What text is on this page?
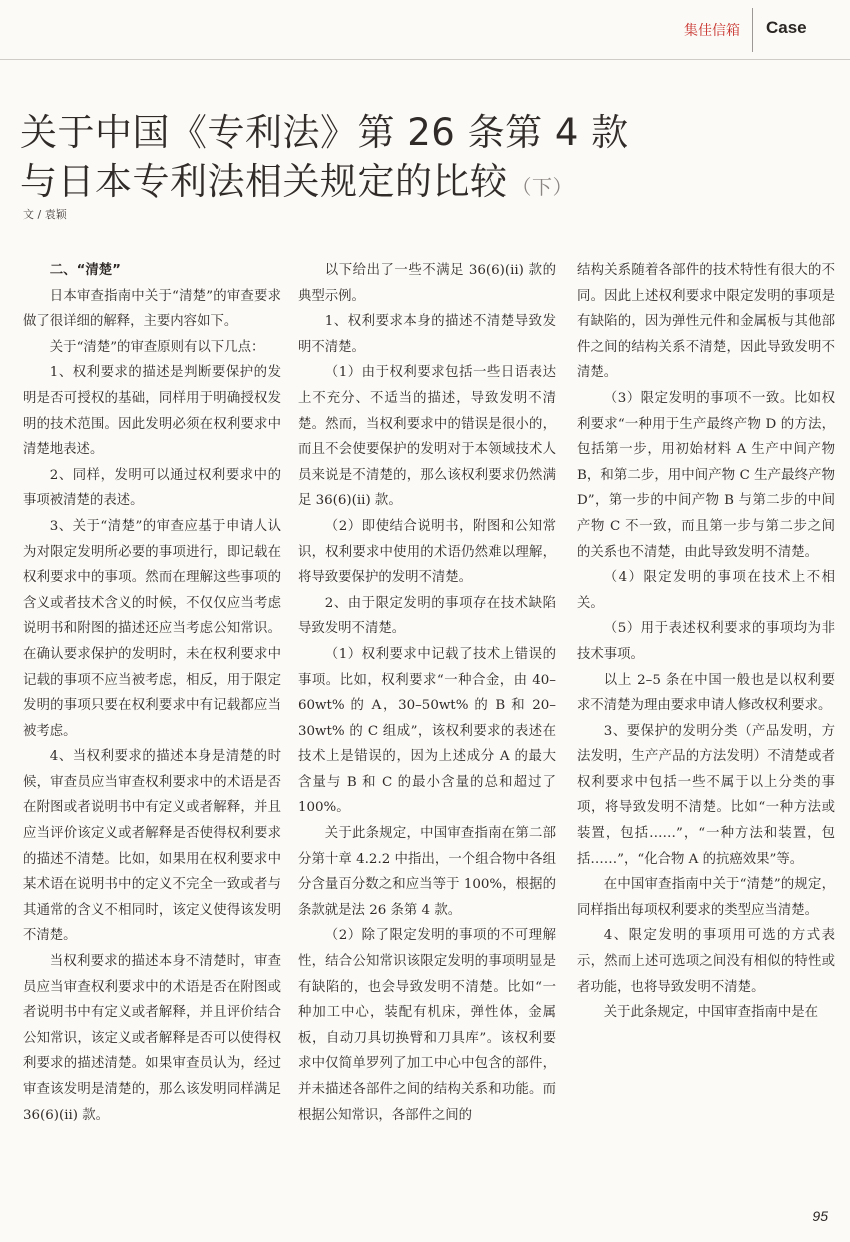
集佳信箱 Case
关于中国《专利法》第 26 条第 4 款
与日本专利法相关规定的比较 （下）
文 / 袁颖
二、“清楚”

日本审查指南中关于“清楚”的审查要求做了很详细的解释，主要内容如下。

关于“清楚”的审查原则有以下几点：

1、权利要求的描述是判断要保护的发明是否可授权的基础，同样用于明确授权发明的技术范围。因此发明必须在权利要求中清楚地表述。

2、同样，发明可以通过权利要求中的事项被清楚的表述。

3、关于“清楚”的审查应基于申请人认为对限定发明所必要的事项进行，即记载在权利要求中的事项。然而在理解这些事项的含义或者技术含义的时候，不仅仅应当考虑说明书和附图的描述还应当考虑公知常识。在确认要求保护的发明时，未在权利要求中记载的事项不应当被考虑，相反，用于限定发明的事项只要在权利要求中有记载都应当被考虑。

4、当权利要求的描述本身是清楚的时候，审查员应当审查权利要求中的术语是否在附图或者说明书中有定义或者解释，并且应当评价该定义或者解释是否使得权利要求的描述不清楚。比如，如果用在权利要求中某术语在说明书中的定义不完全一致或者与其通常的含义不相同时，该定义使得该发明不清楚。

当权利要求的描述本身不清楚时，审查员应当审查权利要求中的术语是否在附图或者说明书中有定义或者解释，并且评价结合公知常识，该定义或者解释是否可以使得权利要求的描述清楚。如果审查员认为，经过审查该发明是清楚的，那么该发明同样满足 36(6)(ii) 款。

以下给出了一些不满足 36(6)(ii) 款的典型示例。

1、权利要求本身的描述不清楚导致发明不清楚。

（1）由于权利要求包括一些日语表达上不充分、不适当的描述，导致发明不清楚。然而，当权利要求中的错误是很小的，而且不会使要保护的发明对于本领域技术人员来说是不清楚的，那么该权利要求仍然满足 36(6)(ii) 款。

（2）即使结合说明书，附图和公知常识，权利要求中使用的术语仍然难以理解，将导致要保护的发明不清楚。

2、由于限定发明的事项存在技术缺陷导致发明不清楚。

（1）权利要求中记载了技术上错误的事项。比如，权利要求“一种合金，由 40–60wt% 的 A，30–50wt% 的 B 和 20–30wt% 的 C 组成”，该权利要求的表述在技术上是错误的，因为上述成分 A 的最大含量与 B 和 C 的最小含量的总和超过了 100%。

关于此条规定，中国审查指南在第二部分第十章 4.2.2 中指出，一个组合物中各组分含量百分数之和应当等于 100%，根据的条款就是法 26 条第 4 款。

（2）除了限定发明的事项的不可理解性，结合公知常识该限定发明的事项明显是有缺陷的，也会导致发明不清楚。比如“一种加工中心，装配有机床，弹性体，金属板，自动刀具切换臂和刀具库”。该权利要求中仅简单罗列了加工中心中包含的部件，并未描述各部件之间的结构关系和功能。而根据公知常识，各部件之间的

结构关系随着各部件的技术特性有很大的不同。因此上述权利要求中限定发明的事项是有缺陷的，因为弹性元件和金属板与其他部件之间的结构关系不清楚，因此导致发明不清楚。

（3）限定发明的事项不一致。比如权利要求“一种用于生产最终产物 D 的方法，包括第一步，用初始材料 A 生产中间产物 B，和第二步，用中间产物 C 生产最终产物 D”，第一步的中间产物 B 与第二步的中间产物 C 不一致，而且第一步与第二步之间的关系也不清楚，由此导致发明不清楚。

（4）限定发明的事项在技术上不相关。

（5）用于表述权利要求的事项均为非技术事项。

以上 2–5 条在中国一般也是以权利要求不清楚为理由要求申请人修改权利要求。

3、要保护的发明分类（产品发明，方法发明，生产产品的方法发明）不清楚或者权利要求中包括一些不属于以上分类的事项，将导致发明不清楚。比如“一种方法或装置，包括……”，“一种方法和装置，包括……”，“化合物 A 的抗癌效果”等。

在中国审查指南中关于“清楚”的规定，同样指出每项权利要求的类型应当清楚。

4、限定发明的事项用可选的方式表示，然而上述可选项之间没有相似的特性或者功能，也将导致发明不清楚。

关于此条规定，中国审查指南中是在

95
